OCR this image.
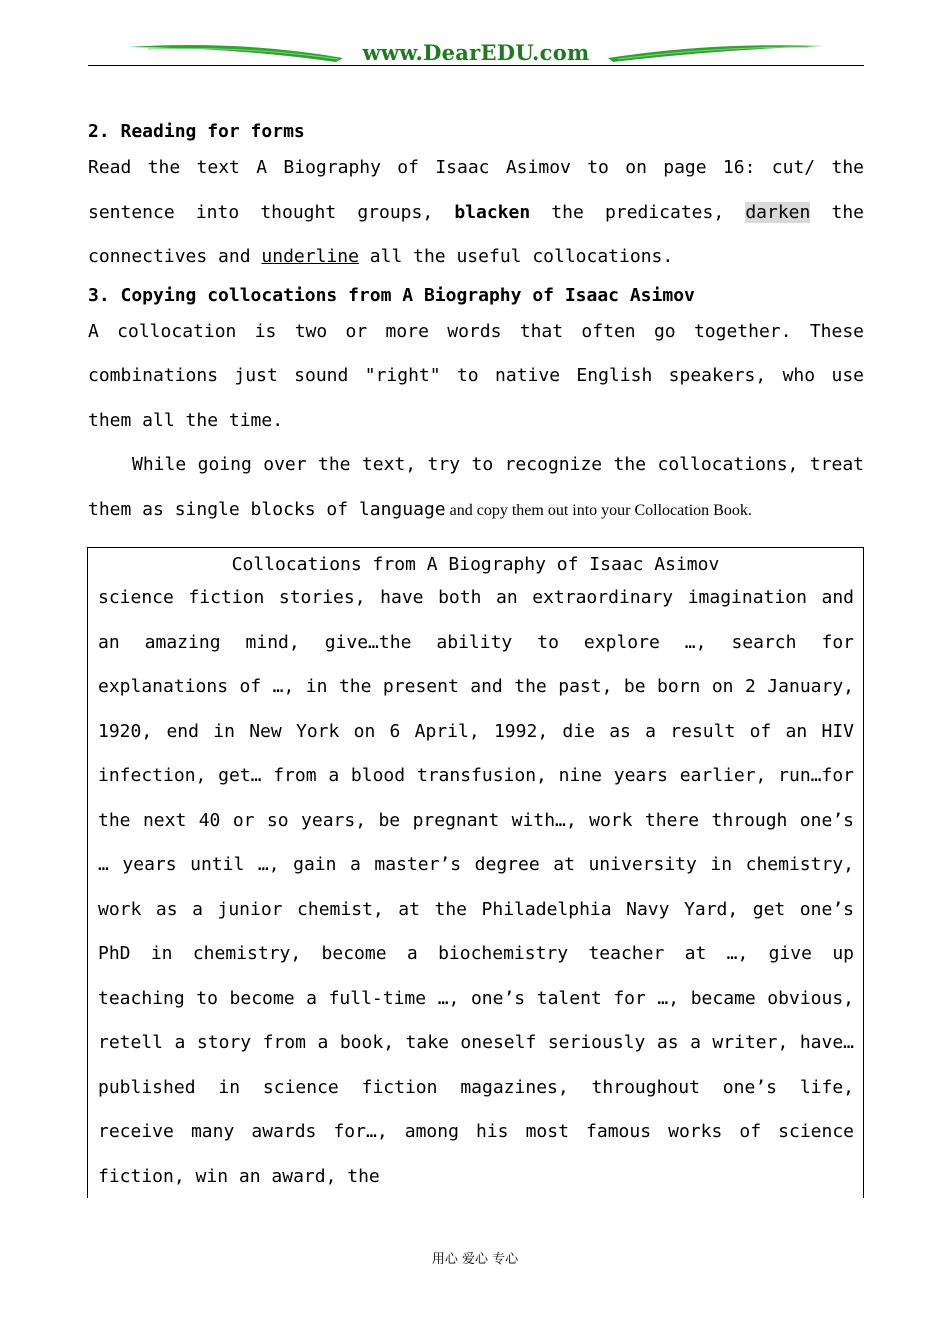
www.DearEDU.com

2. Reading for forms

Read the text A Biography of Isaac Asimov to on page 16: cut/ the sentence into thought groups, blacken the predicates, darken the connectives and underline all the useful collocations.

3. Copying collocations from A Biography of Isaac Asimov

A collocation is two or more words that often go together. These combinations just sound "right" to native English speakers, who use them all the time.

While going over the text, try to recognize the collocations, treat them as single blocks of language and copy them out into your Collocation Book.

Collocations from A Biography of Isaac Asimov
science fiction stories, have both an extraordinary imagination and an amazing mind, give…the ability to explore …, search for explanations of …, in the present and the past, be born on 2 January, 1920, end in New York on 6 April, 1992, die as a result of an HIV infection, get… from a blood transfusion, nine years earlier, run…for the next 40 or so years, be pregnant with…, work there through one’s … years until …, gain a master’s degree at university in chemistry, work as a junior chemist, at the Philadelphia Navy Yard, get one’s PhD in chemistry, become a biochemistry teacher at …, give up teaching to become a full-time …, one’s talent for …, became obvious, retell a story from a book, take oneself seriously as a writer, have…published in science fiction magazines, throughout one’s life, receive many awards for…, among his most famous works of science fiction, win an award, the
用心 爱心 专心
